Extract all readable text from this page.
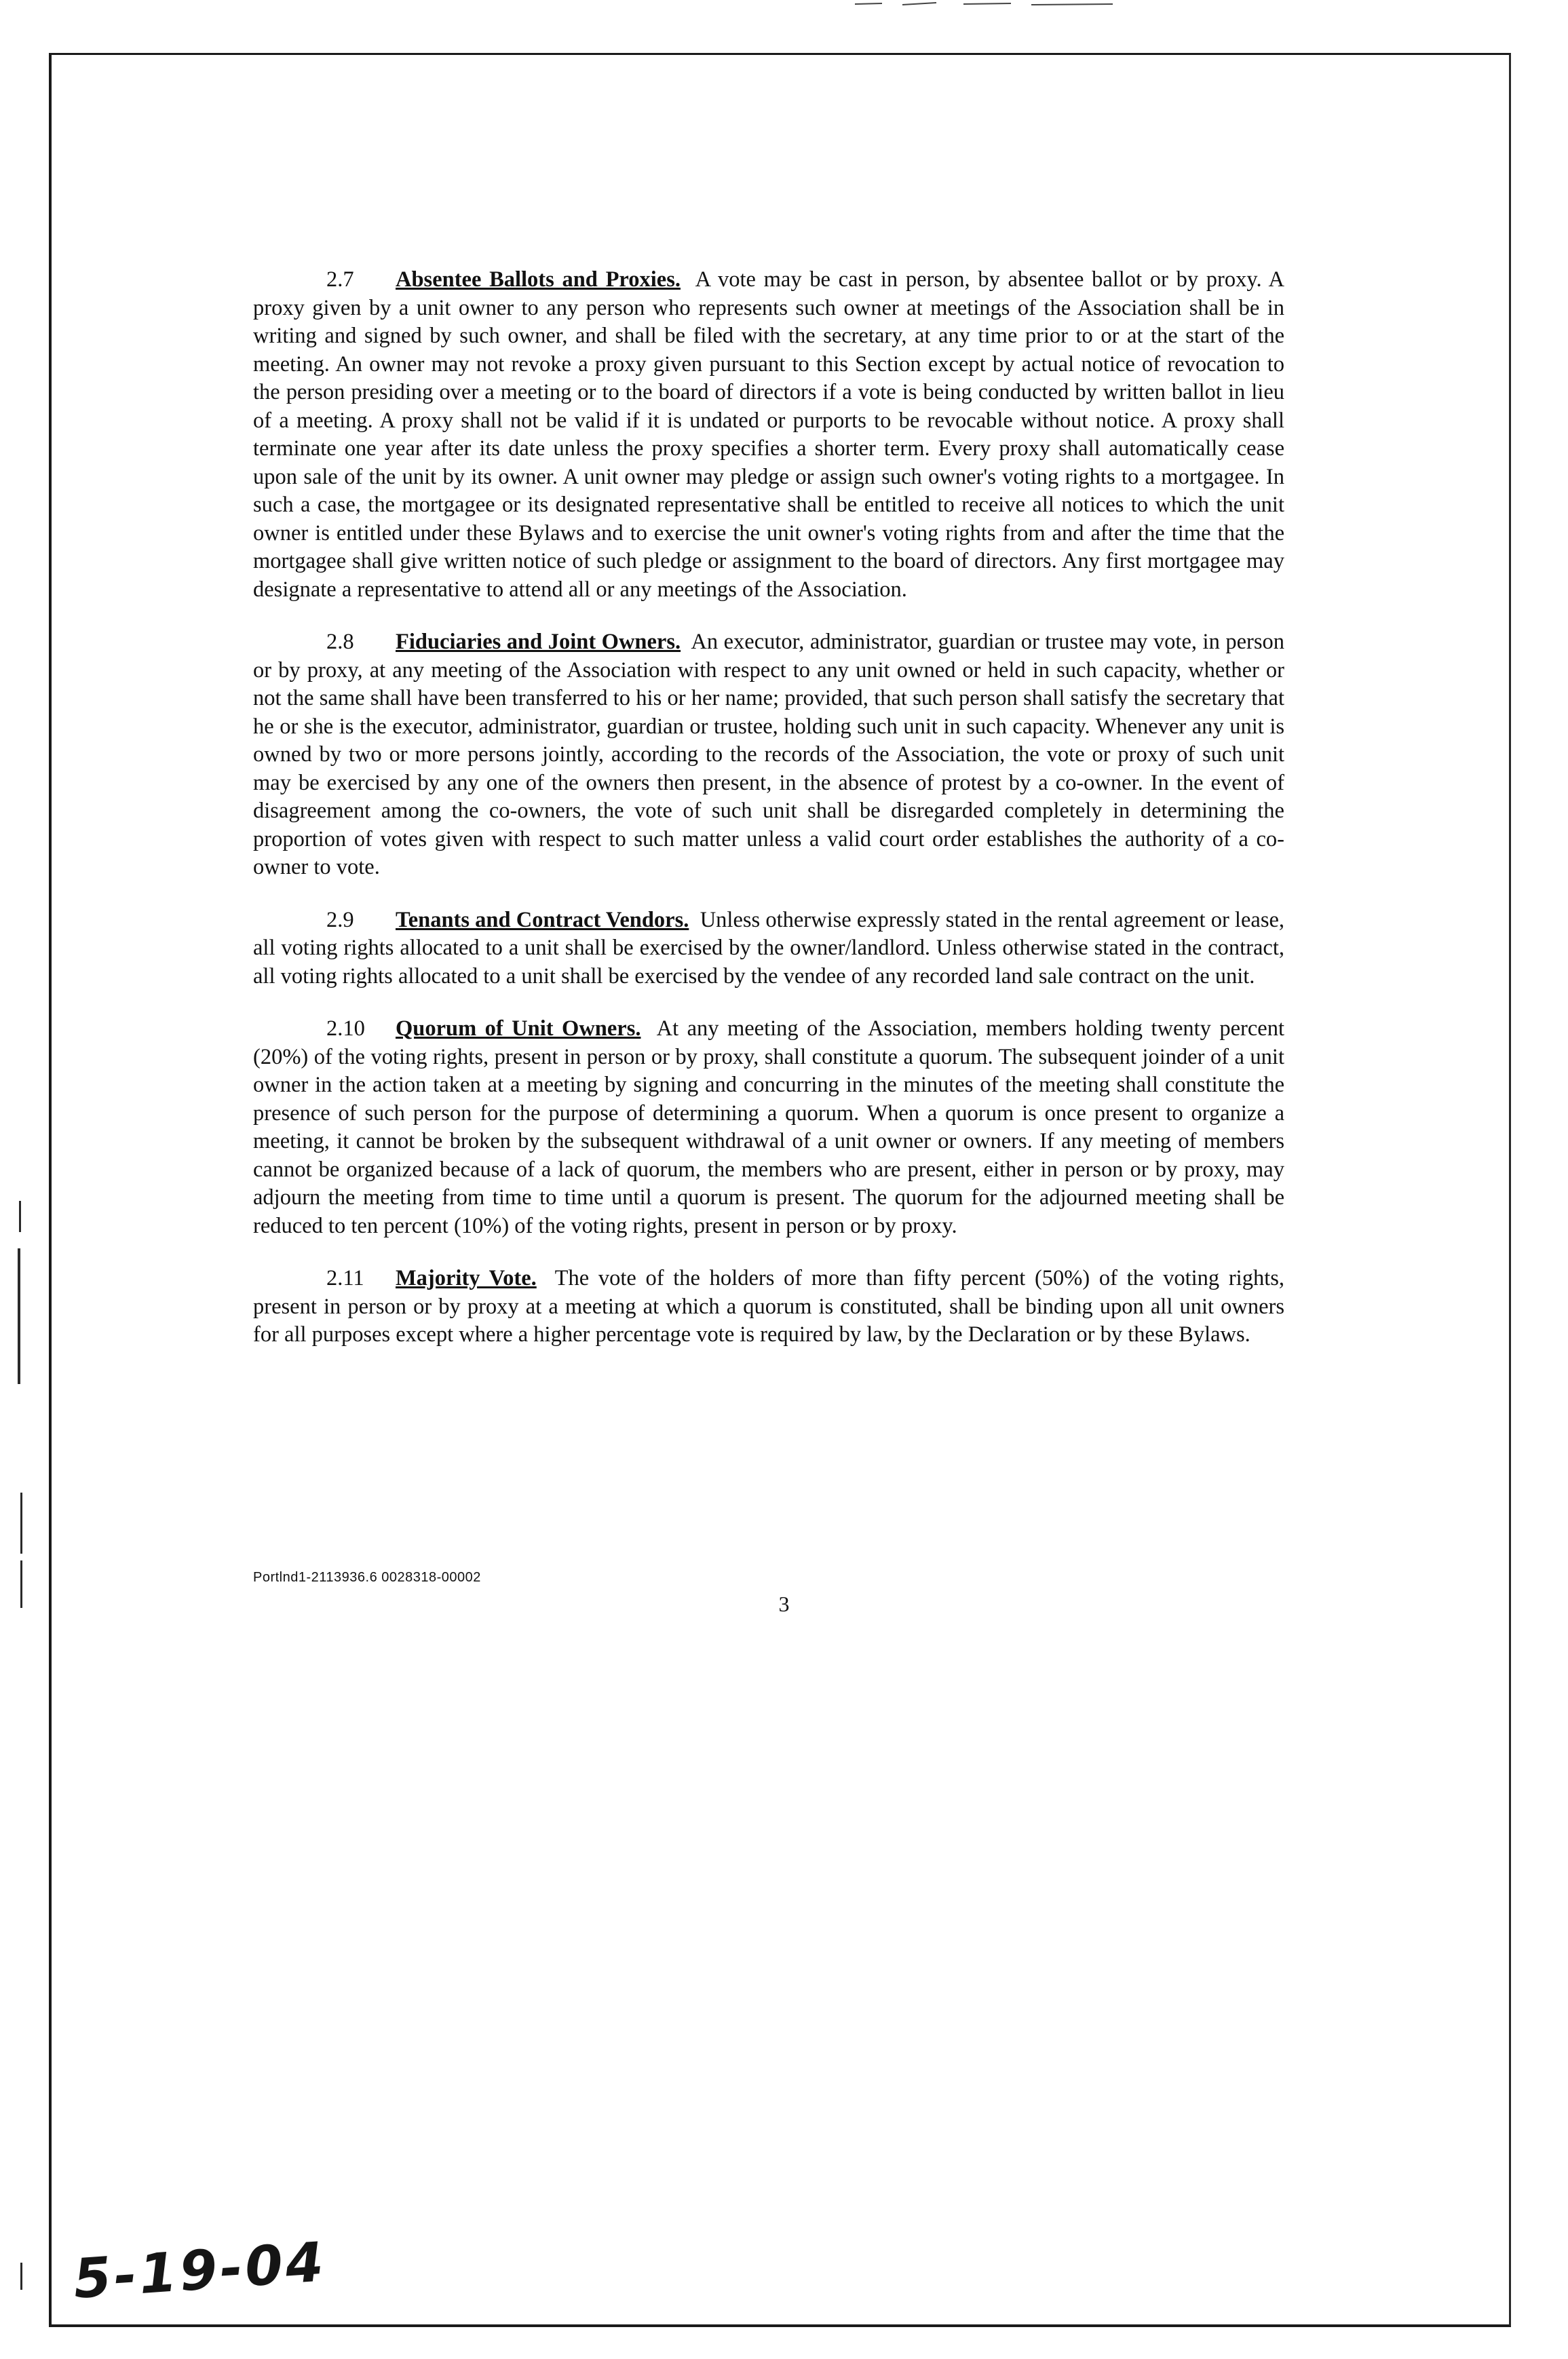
2.7 Absentee Ballots and Proxies. A vote may be cast in person, by absentee ballot or by proxy. A proxy given by a unit owner to any person who represents such owner at meetings of the Association shall be in writing and signed by such owner, and shall be filed with the secretary, at any time prior to or at the start of the meeting. An owner may not revoke a proxy given pursuant to this Section except by actual notice of revocation to the person presiding over a meeting or to the board of directors if a vote is being conducted by written ballot in lieu of a meeting. A proxy shall not be valid if it is undated or purports to be revocable without notice. A proxy shall terminate one year after its date unless the proxy specifies a shorter term. Every proxy shall automatically cease upon sale of the unit by its owner. A unit owner may pledge or assign such owner's voting rights to a mortgagee. In such a case, the mortgagee or its designated representative shall be entitled to receive all notices to which the unit owner is entitled under these Bylaws and to exercise the unit owner's voting rights from and after the time that the mortgagee shall give written notice of such pledge or assignment to the board of directors. Any first mortgagee may designate a representative to attend all or any meetings of the Association.

2.8 Fiduciaries and Joint Owners. An executor, administrator, guardian or trustee may vote, in person or by proxy, at any meeting of the Association with respect to any unit owned or held in such capacity, whether or not the same shall have been transferred to his or her name; provided, that such person shall satisfy the secretary that he or she is the executor, administrator, guardian or trustee, holding such unit in such capacity. Whenever any unit is owned by two or more persons jointly, according to the records of the Association, the vote or proxy of such unit may be exercised by any one of the owners then present, in the absence of protest by a co-owner. In the event of disagreement among the co-owners, the vote of such unit shall be disregarded completely in determining the proportion of votes given with respect to such matter unless a valid court order establishes the authority of a co-owner to vote.

2.9 Tenants and Contract Vendors. Unless otherwise expressly stated in the rental agreement or lease, all voting rights allocated to a unit shall be exercised by the owner/landlord. Unless otherwise stated in the contract, all voting rights allocated to a unit shall be exercised by the vendee of any recorded land sale contract on the unit.

2.10 Quorum of Unit Owners. At any meeting of the Association, members holding twenty percent (20%) of the voting rights, present in person or by proxy, shall constitute a quorum. The subsequent joinder of a unit owner in the action taken at a meeting by signing and concurring in the minutes of the meeting shall constitute the presence of such person for the purpose of determining a quorum. When a quorum is once present to organize a meeting, it cannot be broken by the subsequent withdrawal of a unit owner or owners. If any meeting of members cannot be organized because of a lack of quorum, the members who are present, either in person or by proxy, may adjourn the meeting from time to time until a quorum is present. The quorum for the adjourned meeting shall be reduced to ten percent (10%) of the voting rights, present in person or by proxy.

2.11 Majority Vote. The vote of the holders of more than fifty percent (50%) of the voting rights, present in person or by proxy at a meeting at which a quorum is constituted, shall be binding upon all unit owners for all purposes except where a higher percentage vote is required by law, by the Declaration or by these Bylaws.

Portlnd1-2113936.6 0028318-00002
3
5-19-04
